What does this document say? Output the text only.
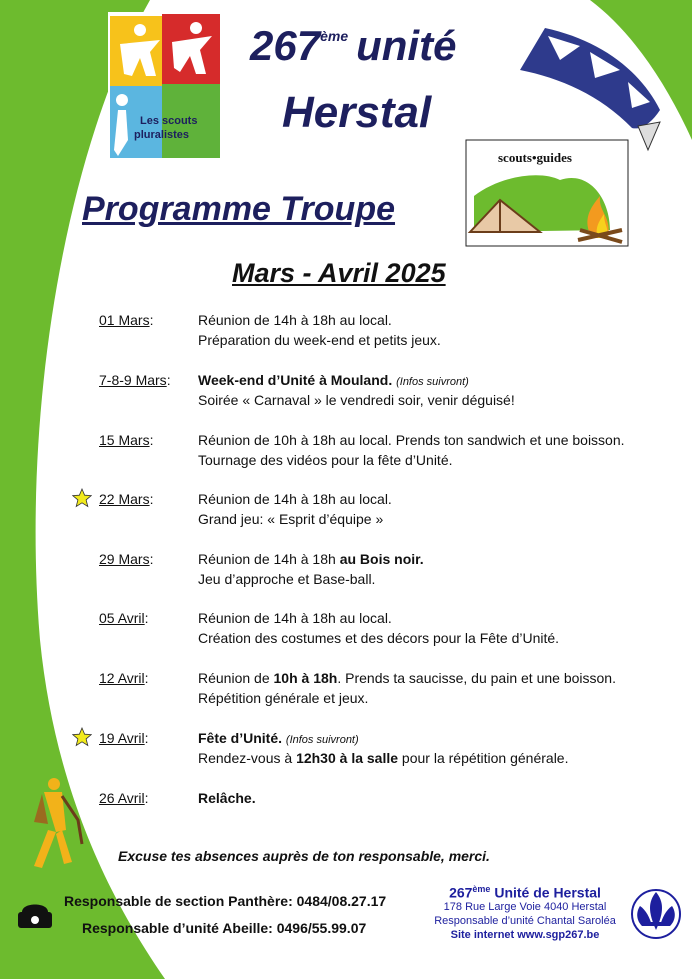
Les scouts
pluralistes
scouts•guides
267ème unité
Herstal
Programme Troupe
Mars - Avril 2025
01 Mars:	Réunion de 14h à 18h au local.
Préparation du week-end et petits jeux.
7-8-9 Mars: Week-end d’Unité à Mouland. (Infos suivront)
Soirée « Carnaval » le vendredi soir, venir déguisé!
15 Mars:	Réunion de 10h à 18h au local. Prends ton sandwich et une boisson.
Tournage des vidéos pour la fête d’Unité.
22 Mars:	Réunion de 14h à 18h au local.
Grand jeu: « Esprit d’équipe »
29 Mars:	Réunion de 14h à 18h au Bois noir.
Jeu d’approche et Base-ball.
05 Avril:	Réunion de 14h à 18h au local.
Création des costumes et des décors pour la Fête d’Unité.
12 Avril:	Réunion de 10h à 18h. Prends ta saucisse, du pain et une boisson.
Répétition générale et jeux.
19 Avril:	Fête d’Unité. (Infos suivront)
Rendez-vous à 12h30 à la salle pour la répétition générale.
26 Avril:	Relâche.
Excuse tes absences auprès de ton responsable, merci.
Responsable de section Panthère: 0484/08.27.17
Responsable d’unité Abeille: 0496/55.99.07
267ème Unité de Herstal
178 Rue Large Voie 4040 Herstal
Responsable d’unité Chantal Saroléa
Site internet www.sgp267.be
